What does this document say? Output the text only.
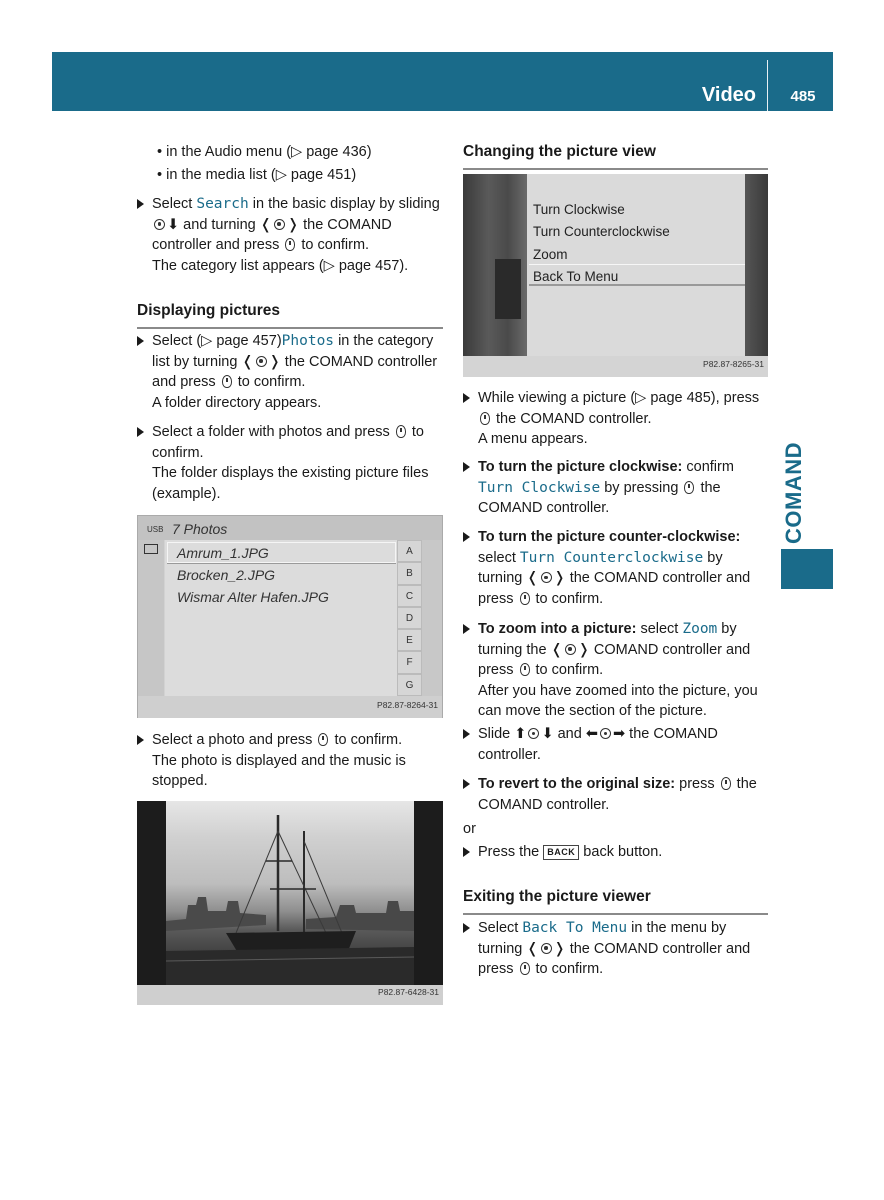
Video	485
COMAND
• in the Audio menu (▷ page 436)
• in the media list (▷ page 451)
Select Search in the basic display by sliding ⬇ and turning ❬ ❭ the COMAND controller and press  to confirm.
The category list appears (▷ page 457).
Displaying pictures
Select (▷ page 457)Photos in the category list by turning ❬ ❭ the COMAND controller and press  to confirm.
A folder directory appears.
Select a folder with photos and press  to confirm.
The folder displays the existing picture files (example).
USB 7 Photos
Amrum_1.JPG
Brocken_2.JPG
Wismar Alter Hafen.JPG
A
B
C
D
E
F
G
P82.87-8264-31
Select a photo and press  to confirm.
The photo is displayed and the music is stopped.
P82.87-6428-31
Changing the picture view
Turn Clockwise
Turn Counterclockwise
Zoom
Back To Menu
P82.87-8265-31
While viewing a picture (▷ page 485), press  the COMAND controller.
A menu appears.
To turn the picture clockwise: confirm Turn Clockwise by pressing  the COMAND controller.
To turn the picture counter-clockwise: select Turn Counterclockwise by turning ❬ ❭ the COMAND controller and press  to confirm.
To zoom into a picture: select Zoom by turning the ❬ ❭ COMAND controller and press  to confirm.
After you have zoomed into the picture, you can move the section of the picture.
Slide ⬆ ⬇ and ⬅ ➡ the COMAND controller.
To revert to the original size: press  the COMAND controller.
or
Press the BACK back button.
Exiting the picture viewer
Select Back To Menu in the menu by turning ❬ ❭ the COMAND controller and press  to confirm.
